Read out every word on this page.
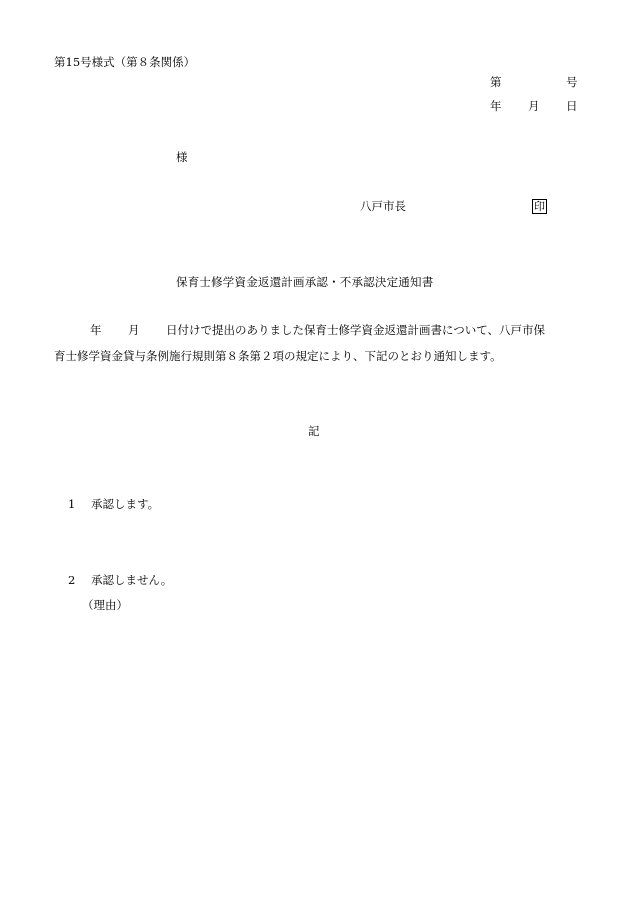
第15号様式（第８条関係）
第	号
年 月 日
様
八戸市長	印
保育士修学資金返還計画承認・不承認決定通知書
年 月 日付けで提出のありました保育士修学資金返還計画書について、八戸市保
育士修学資金貸与条例施行規則第８条第２項の規定により、下記のとおり通知します。
記
1 承認します。
2 承認しません。
（理由）
